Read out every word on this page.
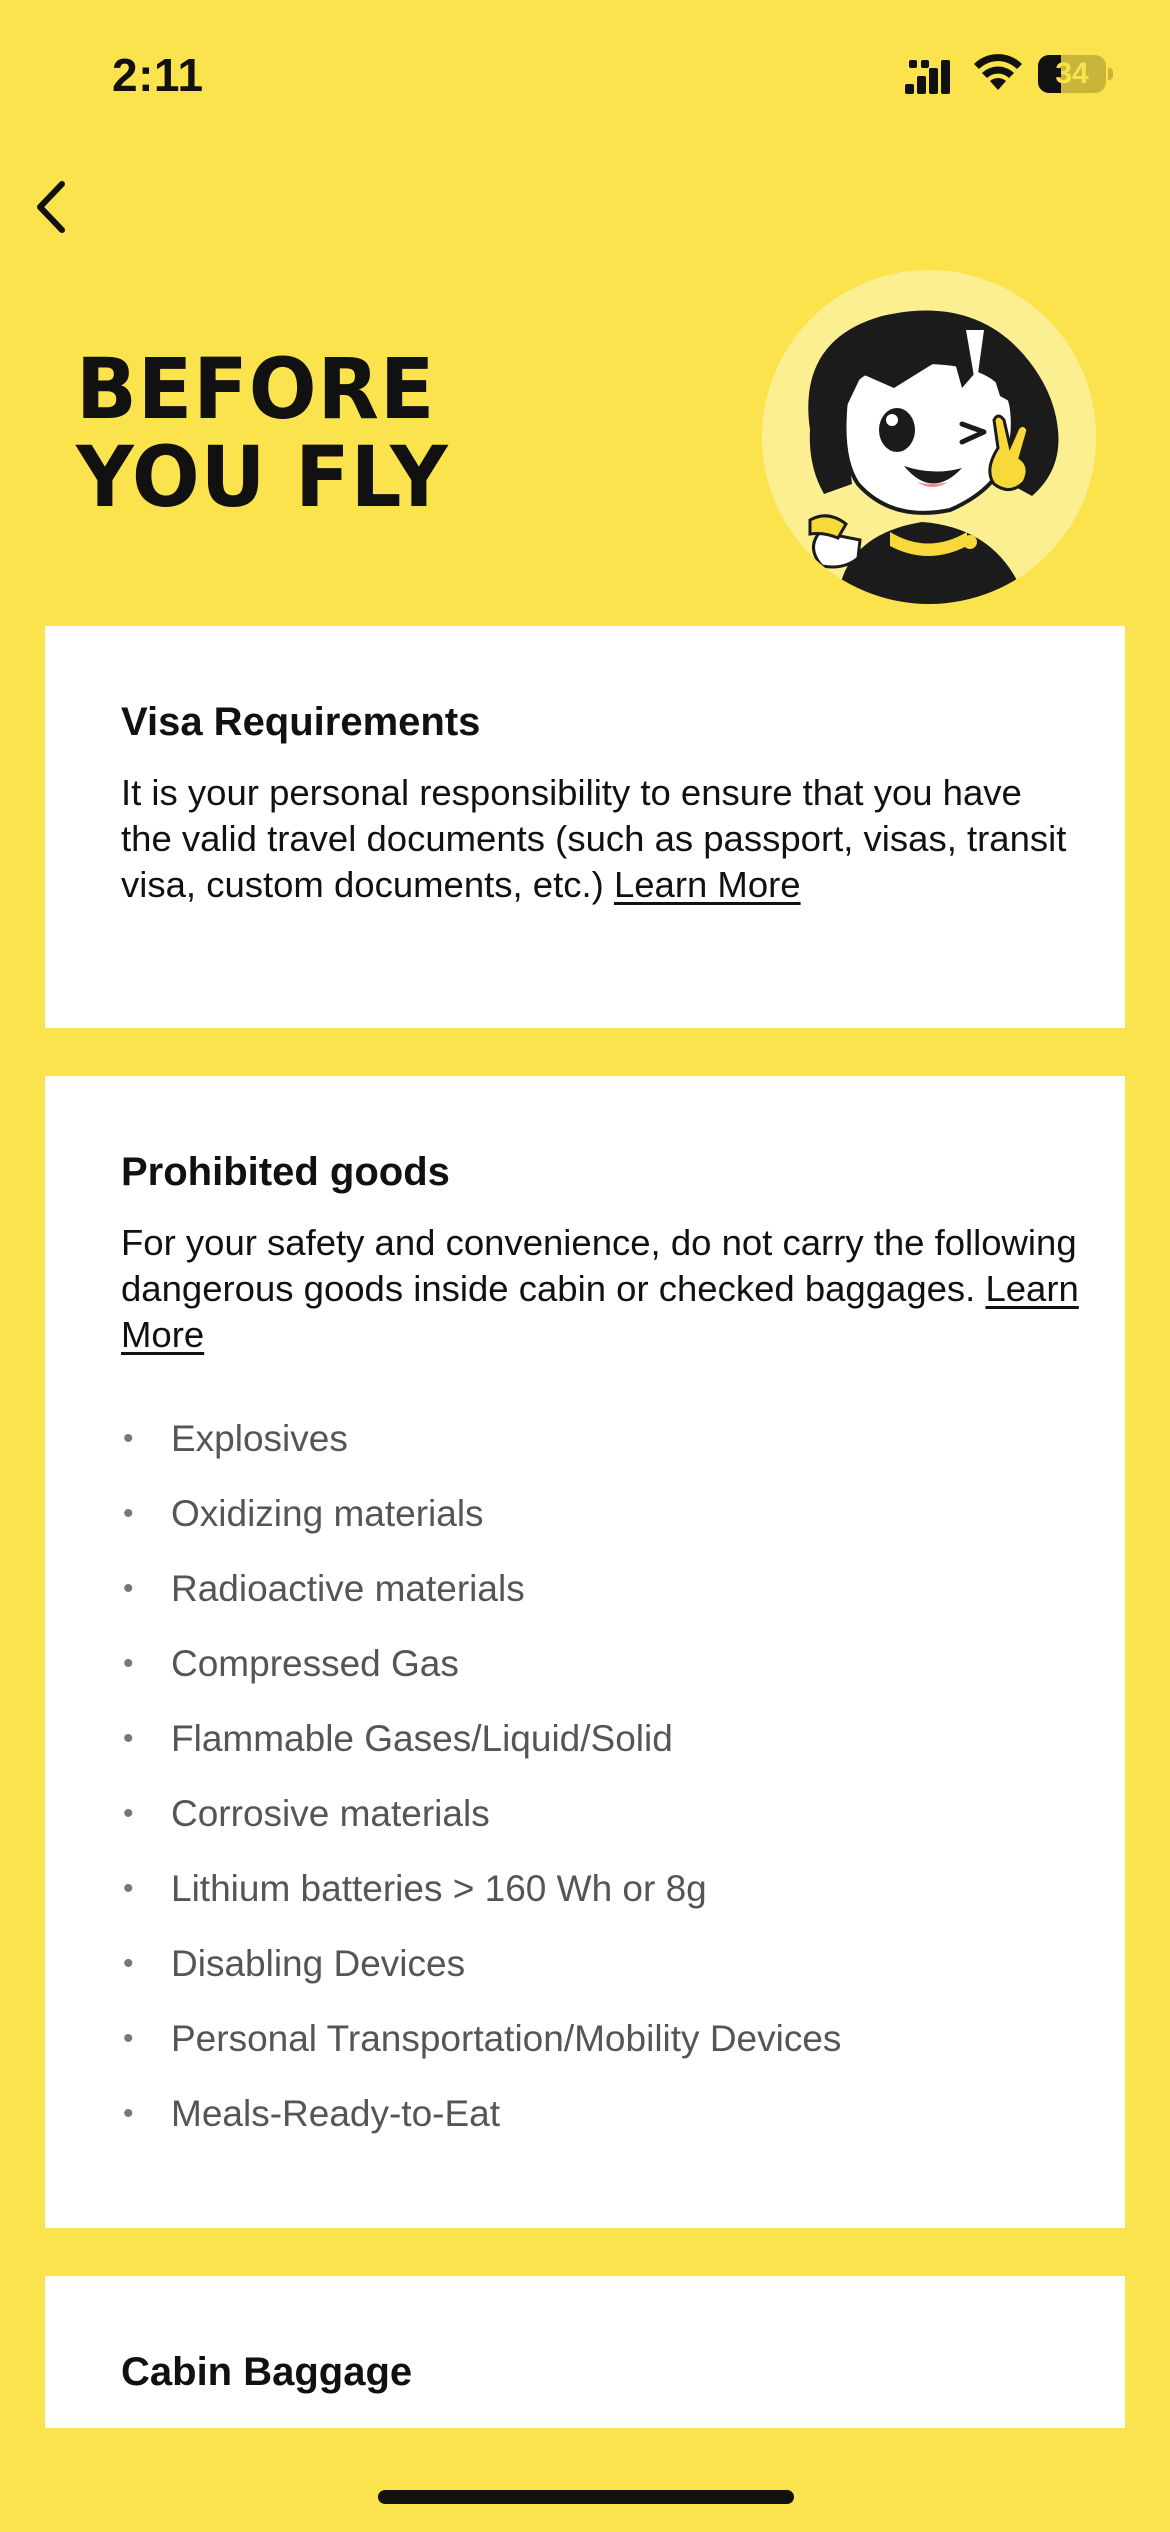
2:11	34
BEFORE
YOU FLY
Visa Requirements
It is your personal responsibility to ensure that you have the valid travel documents (such as passport, visas, transit visa, custom documents, etc.) Learn More
Prohibited goods
For your safety and convenience, do not carry the following dangerous goods inside cabin or checked baggages. Learn More
• Explosives
• Oxidizing materials
• Radioactive materials
• Compressed Gas
• Flammable Gases/Liquid/Solid
• Corrosive materials
• Lithium batteries > 160 Wh or 8g
• Disabling Devices
• Personal Transportation/Mobility Devices
• Meals-Ready-to-Eat
Cabin Baggage
